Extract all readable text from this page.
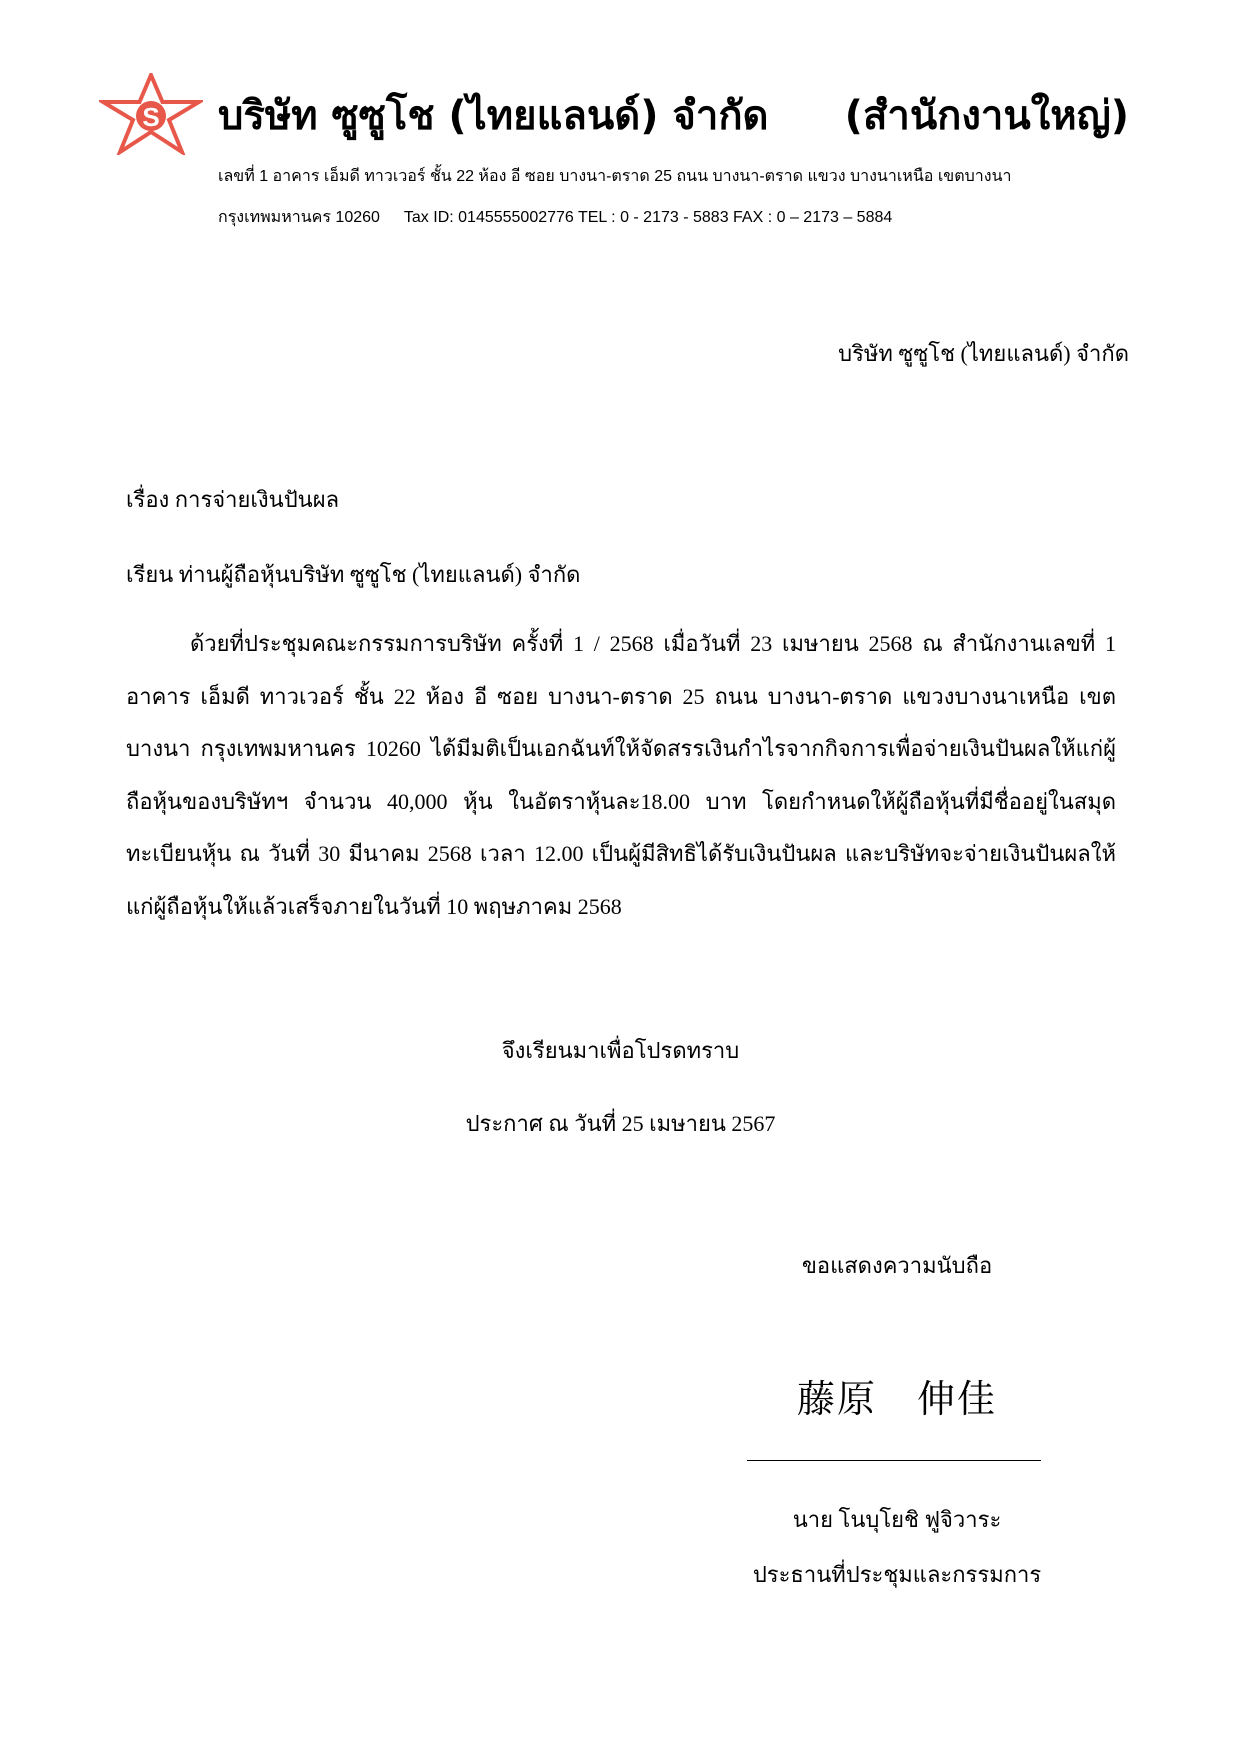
S บริษัท ซูซูโช (ไทยแลนด์) จำกัด (สำนักงานใหญ่)
เลขที่ 1 อาคาร เอ็มดี ทาวเวอร์ ชั้น 22 ห้อง อี ซอย บางนา-ตราด 25 ถนน บางนา-ตราด แขวง บางนาเหนือ เขตบางนา
กรุงเทพมหานคร 10260 Tax ID: 0145555002776 TEL : 0 - 2173 - 5883 FAX : 0 – 2173 – 5884
บริษัท ซูซูโช (ไทยแลนด์) จำกัด
เรื่อง การจ่ายเงินปันผล
เรียน ท่านผู้ถือหุ้นบริษัท ซูซูโช (ไทยแลนด์) จำกัด
ด้วยที่ประชุมคณะกรรมการบริษัท ครั้งที่ 1 / 2568 เมื่อวันที่ 23 เมษายน 2568 ณ สำนักงานเลขที่ 1 อาคาร เอ็มดี ทาวเวอร์ ชั้น 22 ห้อง อี ซอย บางนา-ตราด 25 ถนน บางนา-ตราด แขวงบางนาเหนือ เขตบางนา กรุงเทพมหานคร 10260 ได้มีมติเป็นเอกฉันท์ให้จัดสรรเงินกำไรจากกิจการเพื่อจ่ายเงินปันผลให้แก่ผู้ถือหุ้นของบริษัทฯ จำนวน 40,000 หุ้น ในอัตราหุ้นละ18.00 บาท โดยกำหนดให้ผู้ถือหุ้นที่มีชื่ออยู่ในสมุดทะเบียนหุ้น ณ วันที่ 30 มีนาคม 2568 เวลา 12.00 เป็นผู้มีสิทธิได้รับเงินปันผล และบริษัทจะจ่ายเงินปันผลให้แก่ผู้ถือหุ้นให้แล้วเสร็จภายในวันที่ 10 พฤษภาคม 2568
จึงเรียนมาเพื่อโปรดทราบ
ประกาศ ณ วันที่ 25 เมษายน 2567
ขอแสดงความนับถือ
藤原　伸佳
นาย โนบุโยชิ ฟูจิวาระ
ประธานที่ประชุมและกรรมการ
